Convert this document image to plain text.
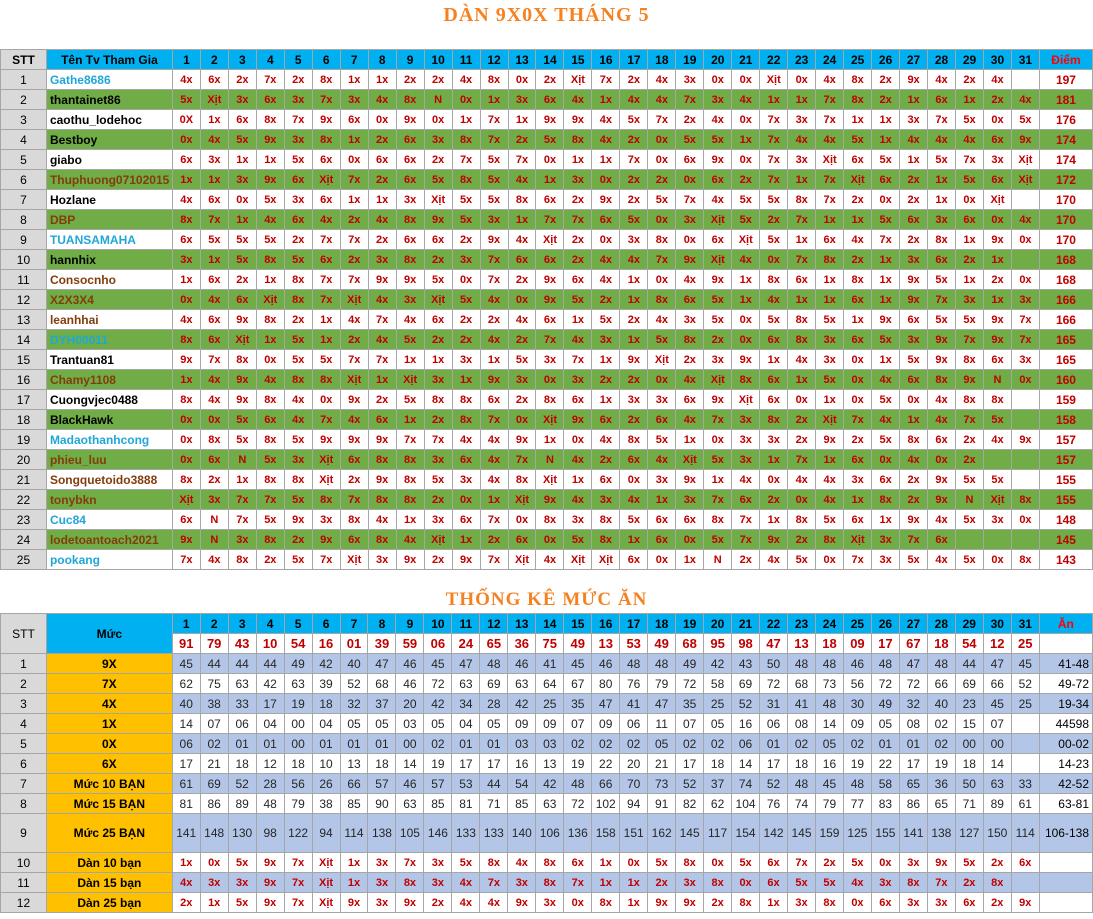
DÀN 9X0X THÁNG 5
STT	Tên Tv Tham Gia	1	2	3	4	5	6	7	8	9	10	11	12	13	14	15	16	17	18	19	20	21	22	23	24	25	26	27	28	29	30	31	Điểm
1	Gathe8686	4x	6x	2x	7x	2x	8x	1x	1x	2x	2x	4x	8x	0x	2x	Xịt	7x	2x	4x	3x	0x	0x	Xịt	0x	4x	8x	2x	9x	4x	2x	4x		197
2	thantainet86	5x	Xịt	3x	6x	3x	7x	3x	4x	8x	N	0x	1x	3x	6x	4x	1x	4x	4x	7x	3x	4x	1x	1x	7x	8x	2x	1x	6x	1x	2x	4x	181
3	caothu_lodehoc	0X	1x	6x	8x	7x	9x	6x	0x	9x	0x	1x	7x	1x	9x	9x	4x	5x	7x	2x	4x	0x	7x	3x	7x	1x	1x	3x	7x	5x	0x	5x	176
4	Bestboy	0x	4x	5x	9x	3x	8x	1x	2x	6x	3x	8x	7x	2x	5x	8x	4x	2x	0x	5x	5x	1x	7x	4x	4x	5x	1x	4x	4x	4x	6x	9x	174
5	giabo	6x	3x	1x	1x	5x	6x	0x	6x	6x	2x	7x	5x	7x	0x	1x	1x	7x	0x	6x	9x	0x	7x	3x	Xịt	6x	5x	1x	5x	7x	3x	Xịt	174
6	Thuphuong07102015	1x	1x	3x	9x	6x	Xịt	7x	2x	6x	5x	8x	5x	4x	1x	3x	0x	2x	2x	0x	6x	2x	7x	1x	7x	Xịt	6x	2x	1x	5x	6x	Xịt	172
7	Hozlane	4x	6x	0x	5x	3x	6x	1x	1x	3x	Xịt	5x	5x	8x	6x	2x	9x	2x	5x	7x	4x	5x	5x	8x	7x	2x	0x	2x	1x	0x	Xịt		170
8	DBP	8x	7x	1x	4x	6x	4x	2x	4x	8x	9x	5x	3x	1x	7x	7x	6x	5x	0x	3x	Xịt	5x	2x	7x	1x	1x	5x	6x	3x	6x	0x	4x	170
9	TUANSAMAHA	6x	5x	5x	5x	2x	7x	7x	2x	6x	6x	2x	9x	4x	Xịt	2x	0x	3x	8x	0x	6x	Xịt	5x	1x	6x	4x	7x	2x	8x	1x	9x	0x	170
10	hannhix	3x	1x	5x	8x	5x	6x	2x	3x	8x	2x	3x	7x	6x	6x	2x	4x	4x	7x	9x	Xịt	4x	0x	7x	8x	2x	1x	3x	6x	2x	1x		168
11	Consocnho	1x	6x	2x	1x	8x	7x	7x	9x	9x	5x	0x	7x	2x	9x	6x	4x	1x	0x	4x	9x	1x	8x	6x	1x	8x	1x	9x	5x	1x	2x	0x	168
12	X2X3X4	0x	4x	6x	Xịt	8x	7x	Xịt	4x	3x	Xịt	5x	4x	0x	9x	5x	2x	1x	8x	6x	5x	1x	4x	1x	1x	6x	1x	9x	7x	3x	1x	3x	166
13	leanhhai	4x	6x	9x	8x	2x	1x	4x	7x	4x	6x	2x	2x	4x	6x	1x	5x	2x	4x	3x	5x	0x	5x	8x	5x	1x	9x	6x	5x	5x	9x	7x	166
14	DYH00011	8x	6x	Xịt	1x	5x	1x	2x	4x	5x	2x	2x	4x	2x	7x	4x	3x	1x	5x	8x	2x	0x	6x	8x	3x	6x	5x	3x	9x	7x	9x	7x	165
15	Trantuan81	9x	7x	8x	0x	5x	5x	7x	7x	1x	1x	3x	1x	5x	3x	7x	1x	9x	Xịt	2x	3x	9x	1x	4x	3x	0x	1x	5x	9x	8x	6x	3x	165
16	Chamy1108	1x	4x	9x	4x	8x	8x	Xịt	1x	Xịt	3x	1x	9x	3x	0x	3x	2x	2x	0x	4x	Xịt	8x	6x	1x	5x	0x	4x	6x	8x	9x	N	0x	160
17	Cuongvjec0488	8x	4x	9x	8x	4x	0x	9x	2x	5x	8x	8x	6x	2x	8x	6x	1x	3x	3x	6x	9x	Xịt	6x	0x	1x	0x	5x	0x	4x	8x	8x		159
18	BlackHawk	0x	0x	5x	6x	4x	7x	4x	6x	1x	2x	8x	7x	0x	Xịt	9x	6x	2x	6x	4x	7x	3x	8x	2x	Xịt	7x	4x	1x	4x	7x	5x		158
19	Madaothanhcong	0x	8x	5x	8x	5x	9x	9x	9x	7x	7x	4x	4x	9x	1x	0x	4x	8x	5x	1x	0x	3x	3x	2x	9x	2x	5x	8x	6x	2x	4x	9x	157
20	phieu_luu	0x	6x	N	5x	3x	Xịt	6x	8x	8x	3x	6x	4x	7x	N	4x	2x	6x	4x	Xịt	5x	3x	1x	7x	1x	6x	0x	4x	0x	2x			157
21	Songquetoido3888	8x	2x	1x	8x	8x	Xịt	2x	9x	8x	5x	3x	4x	8x	Xịt	1x	6x	0x	3x	9x	1x	4x	0x	4x	4x	3x	6x	2x	9x	5x	5x		155
22	tonybkn	Xịt	3x	7x	7x	5x	8x	7x	8x	8x	2x	0x	1x	Xịt	9x	4x	3x	4x	1x	3x	7x	6x	2x	0x	4x	1x	8x	2x	9x	N	Xịt	8x	155
23	Cuc84	6x	N	7x	5x	9x	3x	8x	4x	1x	3x	6x	7x	0x	8x	3x	8x	5x	6x	6x	8x	7x	1x	8x	5x	6x	1x	9x	4x	5x	3x	0x	148
24	lodetoantoach2021	9x	N	3x	8x	2x	9x	6x	8x	4x	Xịt	1x	2x	6x	0x	5x	8x	1x	6x	0x	5x	7x	9x	2x	8x	Xịt	3x	7x	6x				145
25	pookang	7x	4x	8x	2x	5x	7x	Xịt	3x	9x	2x	9x	7x	Xịt	4x	Xịt	Xịt	6x	0x	1x	N	2x	4x	5x	0x	7x	3x	5x	4x	5x	0x	8x	143
THỐNG KÊ MỨC ĂN
STT	Mức	1	2	3	4	5	6	7	8	9	10	11	12	13	14	15	16	17	18	19	20	21	22	23	24	25	26	27	28	29	30	31	Ăn
		91	79	43	10	54	16	01	39	59	06	24	65	36	75	49	13	53	49	68	95	98	47	13	18	09	17	67	18	54	12	25	
1	9X	45	44	44	44	49	42	40	47	46	45	47	48	46	41	45	46	48	48	49	42	43	50	48	48	46	48	47	48	44	47	45	41-48
2	7X	62	75	63	42	63	39	52	68	46	72	63	69	63	64	67	80	76	79	72	58	69	72	68	73	56	72	72	66	69	66	52	49-72
3	4X	40	38	33	17	19	18	32	37	20	42	34	28	42	25	35	47	41	47	35	25	52	31	41	48	30	49	32	40	23	45	25	19-34
4	1X	14	07	06	04	00	04	05	05	03	05	04	05	09	09	07	09	06	11	07	05	16	06	08	14	09	05	08	02	15	07		44598
5	0X	06	02	01	01	00	01	01	01	00	02	01	01	03	03	02	02	02	05	02	02	06	01	02	05	02	01	01	02	00	00		00-02
6	6X	17	21	18	12	18	10	13	18	14	19	17	17	16	13	19	22	20	21	17	18	14	17	18	16	19	22	17	19	18	14		14-23
7	Mức 10 BẠN	61	69	52	28	56	26	66	57	46	57	53	44	54	42	48	66	70	73	52	37	74	52	48	45	48	58	65	36	50	63	33	42-52
8	Mức 15 BẠN	81	86	89	48	79	38	85	90	63	85	81	71	85	63	72	102	94	91	82	62	104	76	74	79	77	83	86	65	71	89	61	63-81
9	Mức 25 BẠN	141	148	130	98	122	94	114	138	105	146	133	133	140	106	136	158	151	162	145	117	154	142	145	159	125	155	141	138	127	150	114	106-138
10	Dàn 10 bạn	1x	0x	5x	9x	7x	Xịt	1x	3x	7x	3x	5x	8x	4x	8x	6x	1x	0x	5x	8x	0x	5x	6x	7x	2x	5x	0x	3x	9x	5x	2x	6x	
11	Dàn 15 bạn	4x	3x	3x	9x	7x	Xịt	1x	3x	8x	3x	4x	7x	3x	8x	7x	1x	1x	2x	3x	8x	0x	6x	5x	5x	4x	3x	8x	7x	2x	8x		
12	Dàn 25 bạn	2x	1x	5x	9x	7x	Xịt	9x	3x	9x	2x	4x	4x	9x	3x	0x	8x	1x	9x	9x	2x	8x	1x	3x	8x	0x	6x	3x	3x	6x	2x	9x	
